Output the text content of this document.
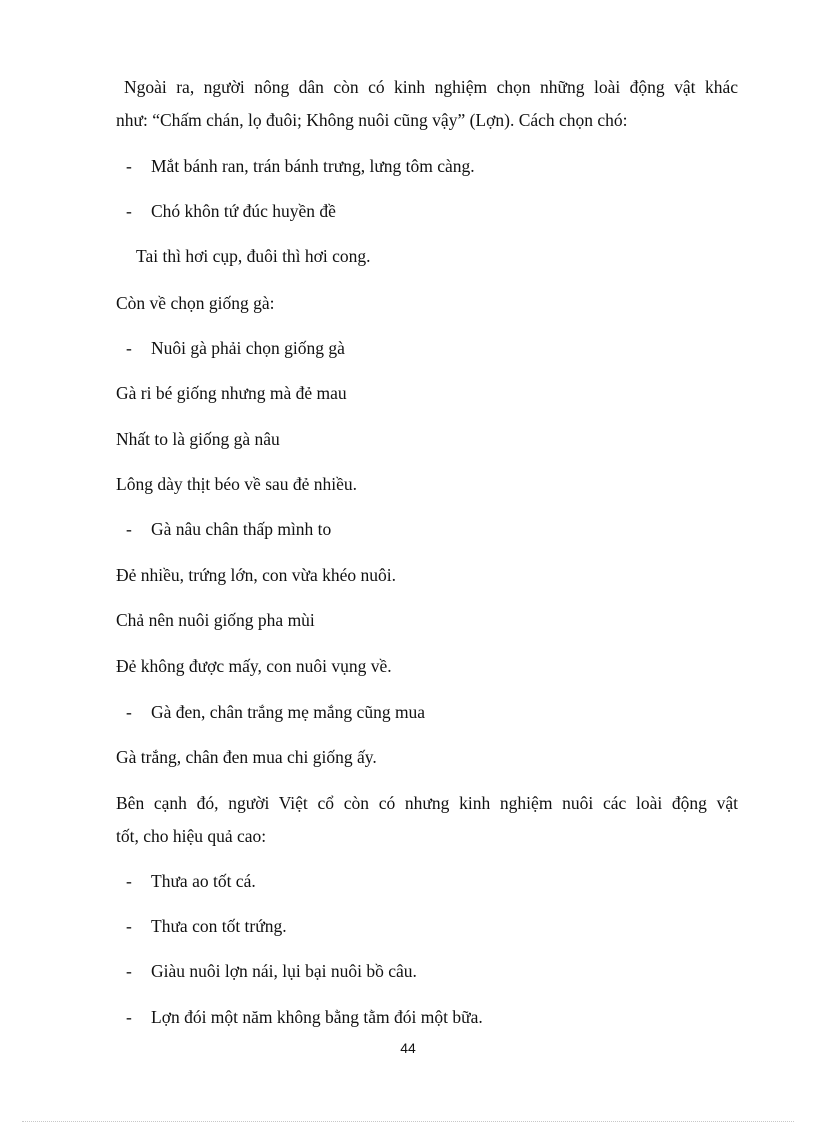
Ngoài ra, người nông dân còn có kinh nghiệm chọn những loài động vật khác
như: “Chấm chán, lọ đuôi; Không nuôi cũng vậy” (Lợn). Cách chọn chó:
- Mắt bánh ran, trán bánh trưng, lưng tôm càng.
- Chó khôn tứ đúc huyền đề
Tai thì hơi cụp, đuôi thì hơi cong.
Còn về chọn giống gà:
- Nuôi gà phải chọn giống gà
Gà ri bé giống nhưng mà đẻ mau
Nhất to là giống gà nâu
Lông dày thịt béo về sau đẻ nhiều.
- Gà nâu chân thấp mình to
Đẻ nhiều, trứng lớn, con vừa khéo nuôi.
Chả nên nuôi giống pha mùi
Đẻ không được mấy, con nuôi vụng về.
- Gà đen, chân trắng mẹ mắng cũng mua
Gà trắng, chân đen mua chi giống ấy.
Bên cạnh đó, người Việt cổ còn có nhưng kinh nghiệm nuôi các loài động vật
tốt, cho hiệu quả cao:
- Thưa ao tốt cá.
- Thưa con tốt trứng.
- Giàu nuôi lợn nái, lụi bại nuôi bồ câu.
- Lợn đói một năm không bằng tằm đói một bữa.
44
